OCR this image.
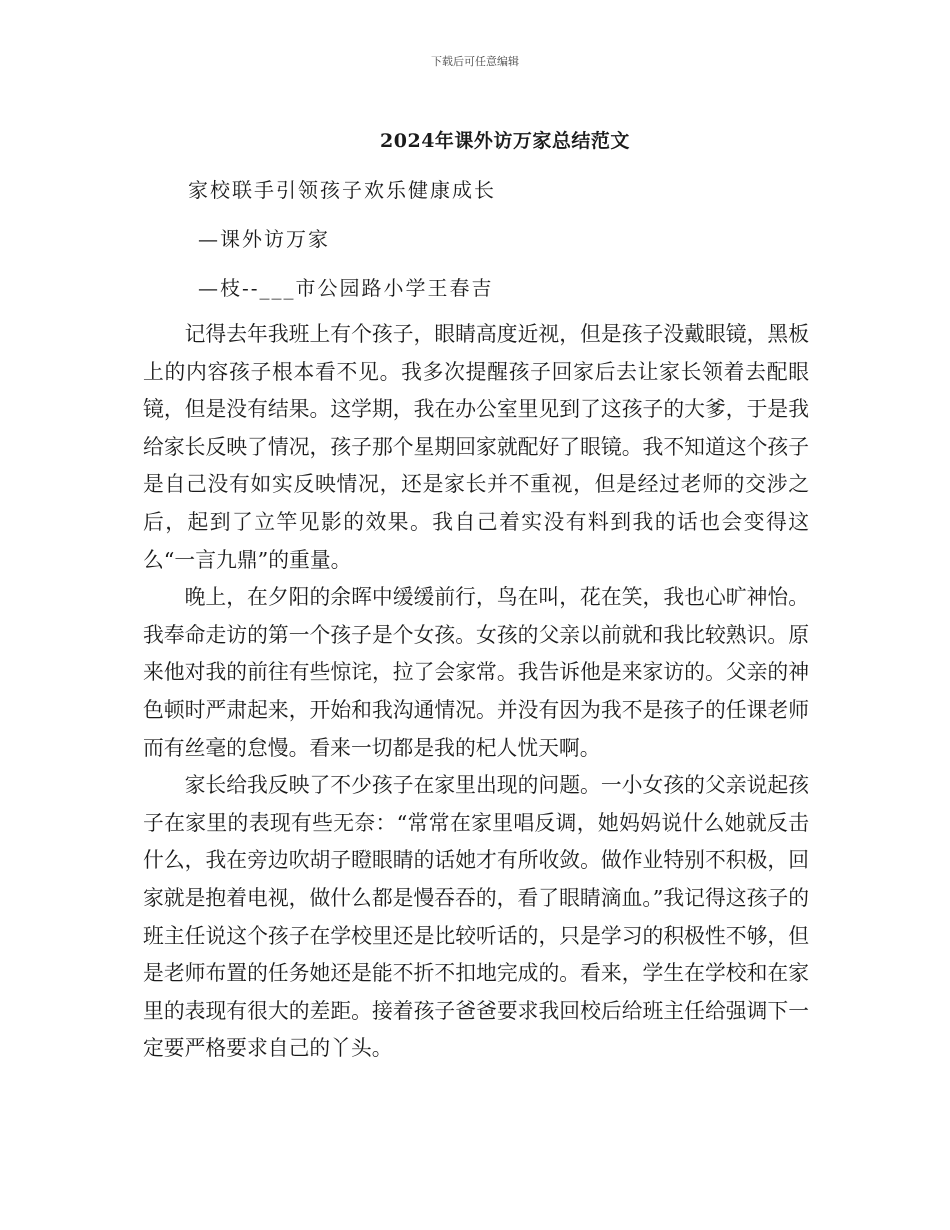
下载后可任意编辑
2024年课外访万家总结范文
家校联手引领孩子欢乐健康成长
—课外访万家
—枝--___市公园路小学王春吉

记得去年我班上有个孩子，眼睛高度近视，但是孩子没戴眼镜，黑板上的内容孩子根本看不见。我多次提醒孩子回家后去让家长领着去配眼镜，但是没有结果。这学期，我在办公室里见到了这孩子的大爹，于是我给家长反映了情况，孩子那个星期回家就配好了眼镜。我不知道这个孩子是自己没有如实反映情况，还是家长并不重视，但是经过老师的交涉之后，起到了立竿见影的效果。我自己着实没有料到我的话也会变得这么“一言九鼎”的重量。

晚上，在夕阳的余晖中缓缓前行，鸟在叫，花在笑，我也心旷神怡。我奉命走访的第一个孩子是个女孩。女孩的父亲以前就和我比较熟识。原来他对我的前往有些惊诧，拉了会家常。我告诉他是来家访的。父亲的神色顿时严肃起来，开始和我沟通情况。并没有因为我不是孩子的任课老师而有丝毫的怠慢。看来一切都是我的杞人忧天啊。

家长给我反映了不少孩子在家里出现的问题。一小女孩的父亲说起孩子在家里的表现有些无奈：“常常在家里唱反调，她妈妈说什么她就反击什么，我在旁边吹胡子瞪眼睛的话她才有所收敛。做作业特别不积极，回家就是抱着电视，做什么都是慢吞吞的，看了眼睛滴血。”我记得这孩子的班主任说这个孩子在学校里还是比较听话的，只是学习的积极性不够，但是老师布置的任务她还是能不折不扣地完成的。看来，学生在学校和在家里的表现有很大的差距。接着孩子爸爸要求我回校后给班主任给强调下一定要严格要求自己的丫头。
